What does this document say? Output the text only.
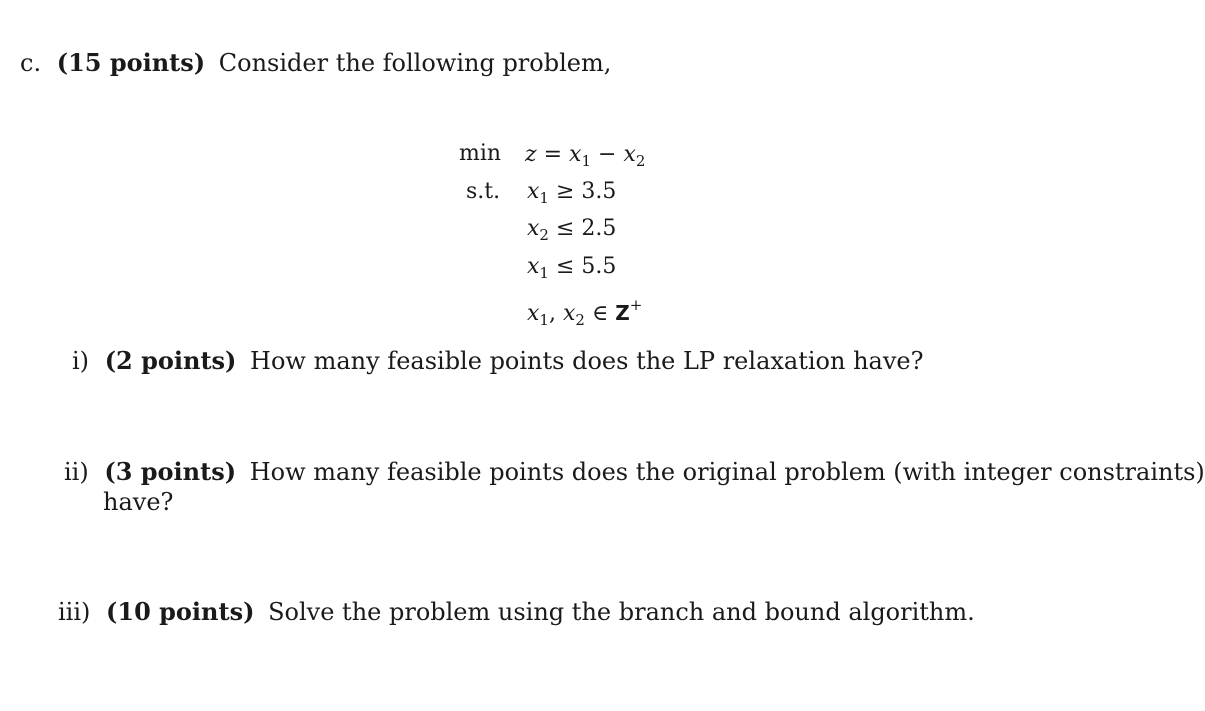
c. (15 points) Consider the following problem,
$\min z = x_1 - x_2$
s.t. $x_1 \ge 3.5$
$x_2 \le 2.5$
$x_1 \le 5.5$
$x_1$, $x_2$ ∈ Z+
i) (2 points) How many feasible points does the LP relaxation have?
ii) (3 points) How many feasible points does the original problem (with integer constraints)
have?
iii) (10 points) Solve the problem using the branch and bound algorithm.
